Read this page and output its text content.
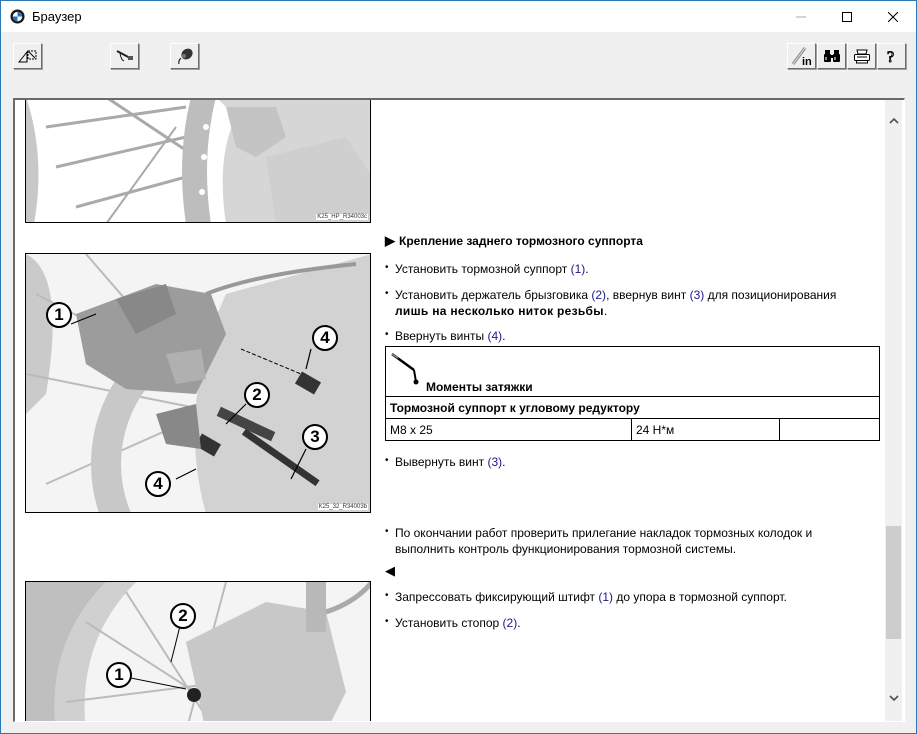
Браузер
in	?
K25_HP_R34003c
1
2
3
4
4
K25_32_R34003b
2
1
▶ Крепление заднего тормозного суппорта
• Установить тормозной суппорт (1).
• Установить держатель брызговика (2), ввернув винт (3) для позиционирования
лишь на несколько ниток резьбы.
• Ввернуть винты (4).
Моменты затяжки
Тормозной суппорт к угловому редуктору
M8 x 25	24 Н*м	
• Вывернуть винт (3).
• По окончании работ проверить прилегание накладок тормозных колодок и выполнить контроль функционирования тормозной системы.
◀
• Запрессовать фиксирующий штифт (1) до упора в тормозной суппорт.
• Установить стопор (2).
